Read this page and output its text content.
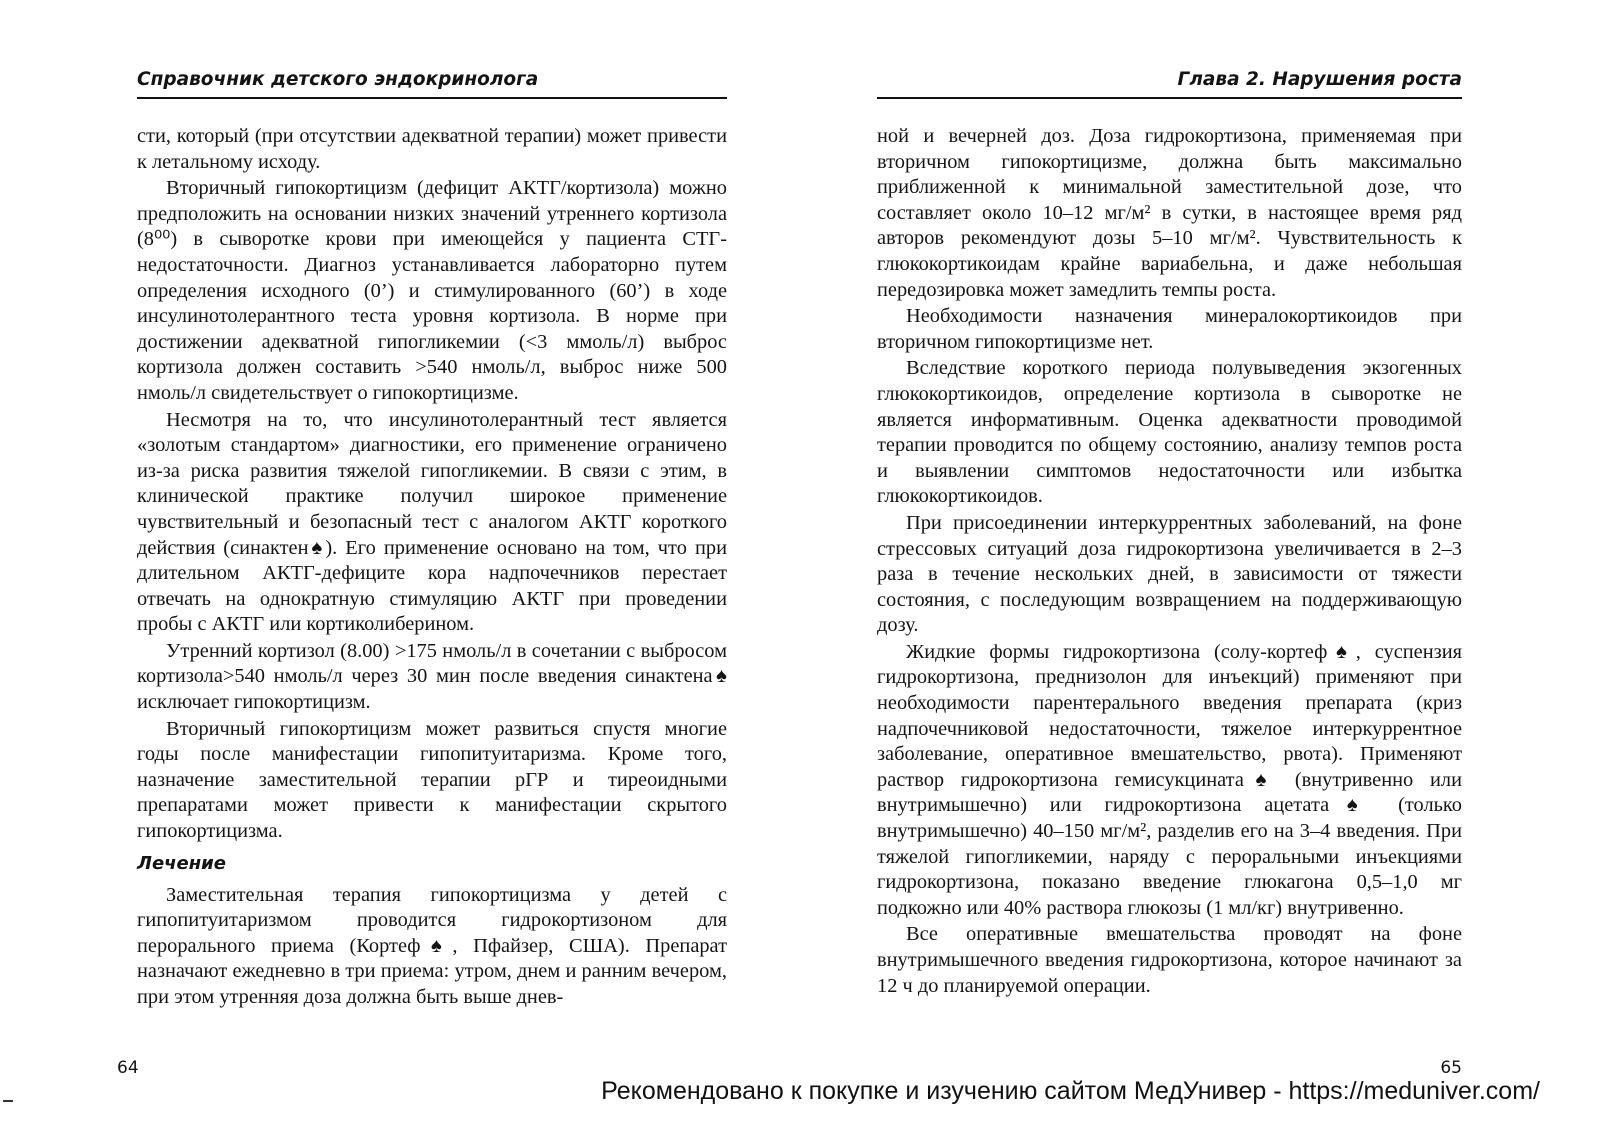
Справочник детского эндокринолога

сти, который (при отсутствии адекватной терапии) может привести к летальному исходу.

Вторичный гипокортицизм (дефицит АКТГ/кортизола) можно предположить на основании низких значений утреннего кортизола (8⁰⁰) в сыворотке крови при имеющейся у пациента СТГ-недостаточности. Диагноз устанавливается лабораторно путем определения исходного (0’) и стимулированного (60’) в ходе инсулинотолерантного теста уровня кортизола. В норме при достижении адекватной гипогликемии (<3 ммоль/л) выброс кортизола должен составить >540 нмоль/л, выброс ниже 500 нмоль/л свидетельствует о гипокортицизме.

Несмотря на то, что инсулинотолерантный тест является «золотым стандартом» диагностики, его применение ограничено из-за риска развития тяжелой гипогликемии. В связи с этим, в клинической практике получил широкое применение чувствительный и безопасный тест с аналогом АКТГ короткого действия (синактен♠). Его применение основано на том, что при длительном АКТГ-дефиците кора надпочечников перестает отвечать на однократную стимуляцию АКТГ при проведении пробы с АКТГ или кортиколиберином.

Утренний кортизол (8.00) >175 нмоль/л в сочетании с выбросом кортизола>540 нмоль/л через 30 мин после введения синактена♠ исключает гипокортицизм.

Вторичный гипокортицизм может развиться спустя многие годы после манифестации гипопитуитаризма. Кроме того, назначение заместительной терапии рГР и тиреоидными препаратами может привести к манифестации скрытого гипокортицизма.

Лечение

Заместительная терапия гипокортицизма у детей с гипопитуитаризмом проводится гидрокортизоном для перорального приема (Кортеф♠, Пфайзер, США). Препарат назначают ежедневно в три приема: утром, днем и ранним вечером, при этом утренняя доза должна быть выше днев-

64
Глава 2. Нарушения роста

ной и вечерней доз. Доза гидрокортизона, применяемая при вторичном гипокортицизме, должна быть максимально приближенной к минимальной заместительной дозе, что составляет около 10–12 мг/м² в сутки, в настоящее время ряд авторов рекомендуют дозы 5–10 мг/м². Чувствительность к глюкокортикоидам крайне вариабельна, и даже небольшая передозировка может замедлить темпы роста.

Необходимости назначения минералокортикоидов при вторичном гипокортицизме нет.

Вследствие короткого периода полувыведения экзогенных глюкокортикоидов, определение кортизола в сыворотке не является информативным. Оценка адекватности проводимой терапии проводится по общему состоянию, анализу темпов роста и выявлении симптомов недостаточности или избытка глюкокортикоидов.

При присоединении интеркуррентных заболеваний, на фоне стрессовых ситуаций доза гидрокортизона увеличивается в 2–3 раза в течение нескольких дней, в зависимости от тяжести состояния, с последующим возвращением на поддерживающую дозу.

Жидкие формы гидрокортизона (солу-кортеф♠, суспензия гидрокортизона, преднизолон для инъекций) применяют при необходимости парентерального введения препарата (криз надпочечниковой недостаточности, тяжелое интеркуррентное заболевание, оперативное вмешательство, рвота). Применяют раствор гидрокортизона гемисукцината♠ (внутривенно или внутримышечно) или гидрокортизона ацетата♠ (только внутримышечно) 40–150 мг/м², разделив его на 3–4 введения. При тяжелой гипогликемии, наряду с пероральными инъекциями гидрокортизона, показано введение глюкагона 0,5–1,0 мг подкожно или 40% раствора глюкозы (1 мл/кг) внутривенно.

Все оперативные вмешательства проводят на фоне внутримышечного введения гидрокортизона, которое начинают за 12 ч до планируемой операции.

65
Рекомендовано к покупке и изучению сайтом МедУнивер - https://meduniver.com/
